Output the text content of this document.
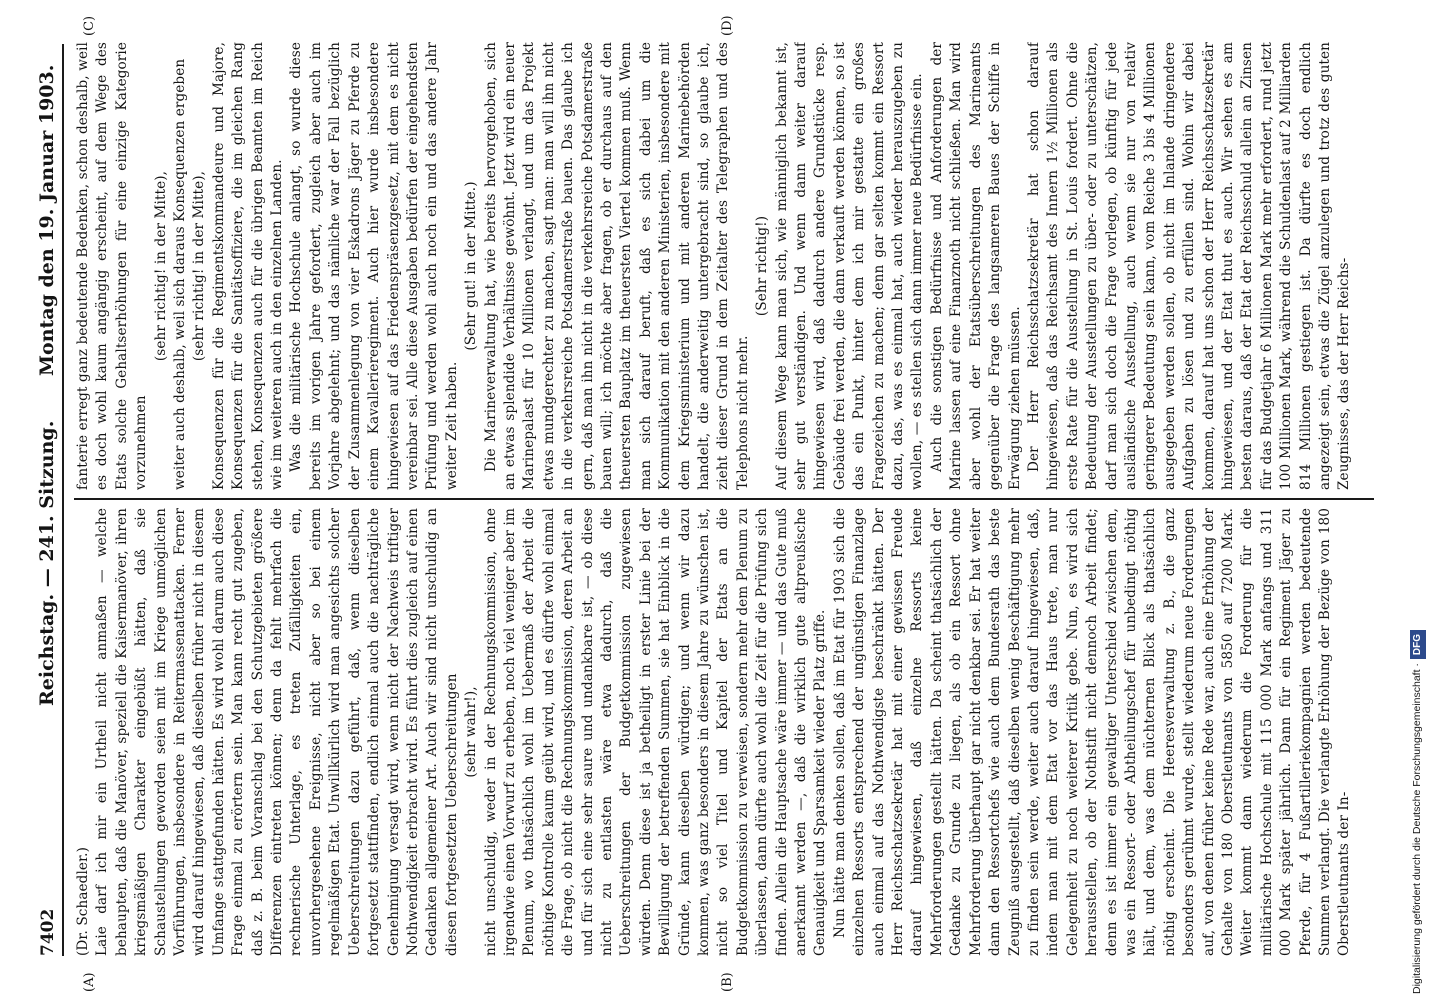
7402
Reichstag. — 241. Sitzung.
Montag den 19. Januar 1903.
(A)	(B)
(C)	(D)

(Dr. Schaedler.) Laie darf ich mir ein Urtheil nicht anmaßen — welche behaupten, daß die Manöver, speziell die Kaisermanöver, ihren kriegsmäßigen Charakter eingebüßt hätten, daß sie Schaustellungen geworden seien mit im Kriege unmöglichen Vorführungen, insbesondere in Reitermassenattacken. Ferner wird darauf hingewiesen, daß dieselben früher nicht in diesem Umfange stattgefunden hätten. Es wird wohl darum auch diese Frage einmal zu erörtern sein. Man kann recht gut zugeben, daß z. B. beim Voranschlag bei den Schutzgebieten größere Differenzen eintreten können; denn da fehlt mehrfach die rechnerische Unterlage, es treten Zufälligkeiten ein, unvorhergesehene Ereignisse, nicht aber so bei einem regelmäßigen Etat. Unwillkürlich wird man angesichts solcher Ueberschreitungen dazu geführt, daß, wenn dieselben fortgesetzt stattfinden, endlich einmal auch die nachträgliche Genehmigung versagt wird, wenn nicht der Nachweis triftiger Nothwendigkeit erbracht wird. Es führt dies zugleich auf einen Gedanken allgemeiner Art. Auch wir sind nicht unschuldig an diesen fortgesetzten Ueberschreitungen (sehr wahr!), nicht unschuldig, weder in der Rechnungskommission, ohne irgendwie einen Vorwurf zu erheben, noch viel weniger aber im Plenum, wo thatsächlich wohl im Uebermaß der Arbeit die nöthige Kontrolle kaum geübt wird, und es dürfte wohl einmal die Frage, ob nicht die Rechnungskommission, deren Arbeit an und für sich eine sehr saure und undankbare ist, — ob diese nicht zu entlasten wäre etwa dadurch, daß die Ueberschreitungen der Budgetkommission zugewiesen würden. Denn diese ist ja betheiligt in erster Linie bei der Bewilligung der betreffenden Summen, sie hat Einblick in die Gründe, kann dieselben würdigen; und wenn wir dazu kommen, was ganz besonders in diesem Jahre zu wünschen ist, nicht so viel Titel und Kapitel der Etats an die Budgetkommission zu verweisen, sondern mehr dem Plenum zu überlassen, dann dürfte auch wohl die Zeit für die Prüfung sich finden. Allein die Hauptsache wäre immer — und das Gute muß anerkannt werden —, daß die wirklich gute altpreußische Genauigkeit und Sparsamkeit wieder Platz griffe. Nun hätte man denken sollen, daß im Etat für 1903 sich die einzelnen Ressorts entsprechend der ungünstigen Finanzlage auch einmal auf das Nothwendigste beschränkt hätten. Der Herr Reichsschatzsekretär hat mit einer gewissen Freude darauf hingewiesen, daß einzelne Ressorts keine Mehrforderungen gestellt hätten. Da scheint thatsächlich der Gedanke zu Grunde zu liegen, als ob ein Ressort ohne Mehrforderung überhaupt gar nicht denkbar sei. Er hat weiter dann den Ressortchefs wie auch dem Bundesrath das beste Zeugniß ausgestellt, daß dieselben wenig Beschäftigung mehr zu finden sein werde, weiter auch darauf hingewiesen, daß, indem man mit dem Etat vor das Haus trete, man nur Gelegenheit zu noch weiterer Kritik gebe. Nun, es wird sich herausstellen, ob der Nothstift nicht dennoch Arbeit findet; denn es ist immer ein gewaltiger Unterschied zwischen dem, was ein Ressort- oder Abtheilungschef für unbedingt nöthig hält, und dem, was dem nüchternen Blick als thatsächlich nöthig erscheint. Die Heeresverwaltung z. B., die ganz besonders gerühmt wurde, stellt wiederum neue Forderungen auf, von denen früher keine Rede war, auch eine Erhöhung der Gehalte von 180 Oberstleutnants von 5850 auf 7200 Mark. Weiter kommt dann wiederum die Forderung für die militärische Hochschule mit 115 000 Mark anfangs und 311 000 Mark später jährlich. Dann für ein Regiment Jäger zu Pferde, für 4 Fußartilleriekompagnien werden bedeutende Summen verlangt. Die verlangte Erhöhung der Bezüge von 180 Oberstleutnants der In-

fanterie erregt ganz bedeutende Bedenken, schon deshalb, weil es doch wohl kaum angängig erscheint, auf dem Wege des Etats solche Gehaltserhöhungen für eine einzige Kategorie vorzunehmen

(sehr richtig! in der Mitte), weiter auch deshalb, weil sich daraus Konsequenzen ergeben (sehr richtig! in der Mitte), Konsequenzen für die Regimentskommandeure und Majore, Konsequenzen für die Sanitätsoffiziere, die im gleichen Rang stehen, Konsequenzen auch für die übrigen Beamten im Reich wie im weiteren auch in den einzelnen Landen. Was die militärische Hochschule anlangt, so wurde diese bereits im vorigen Jahre gefordert, zugleich aber auch im Vorjahre abgelehnt; und das nämliche war der Fall bezüglich der Zusammenlegung von vier Eskadrons Jäger zu Pferde zu einem Kavallerieregiment. Auch hier wurde insbesondere hingewiesen auf das Friedenspräsenzgesetz, mit dem es nicht vereinbar sei. Alle diese Ausgaben bedürfen der eingehendsten Prüfung und werden wohl auch noch ein und das andere Jahr weiter Zeit haben.

(Sehr gut! in der Mitte.) Die Marineverwaltung hat, wie bereits hervorgehoben, sich an etwas splendide Verhältnisse gewöhnt. Jetzt wird ein neuer Marinepalast für 10 Millionen verlangt, und um das Projekt etwas mundgerechter zu machen, sagt man: man will ihn nicht in die verkehrsreiche Potsdamerstraße bauen. Das glaube ich gern, daß man ihn nicht in die verkehrsreiche Potsdamerstraße bauen will; ich möchte aber fragen, ob er durchaus auf den theuersten Bauplatz im theuersten Viertel kommen muß. Wenn man sich darauf beruft, daß es sich dabei um die Kommunikation mit den anderen Ministerien, insbesondere mit dem Kriegsministerium und mit anderen Marinebehörden handelt, die anderweitig untergebracht sind, so glaube ich, zieht dieser Grund in dem Zeitalter des Telegraphen und des Telephons nicht mehr.

(Sehr richtig!) Auf diesem Wege kann man sich, wie männiglich bekannt ist, sehr gut verständigen. Und wenn dann weiter darauf hingewiesen wird, daß dadurch andere Grundstücke resp. Gebäude frei werden, die dann verkauft werden können, so ist das ein Punkt, hinter dem ich mir gestatte ein großes Fragezeichen zu machen; denn gar selten kommt ein Ressort dazu, das, was es einmal hat, auch wieder herauszugeben zu wollen, — es stellen sich dann immer neue Bedürfnisse ein. Auch die sonstigen Bedürfnisse und Anforderungen der Marine lassen auf eine Finanznoth nicht schließen. Man wird aber wohl der Etatsüberschreitungen des Marineamts gegenüber die Frage des langsameren Baues der Schiffe in Erwägung ziehen müssen. Der Herr Reichsschatzsekretär hat schon darauf hingewiesen, daß das Reichsamt des Innern 1½ Millionen als erste Rate für die Ausstellung in St. Louis fordert. Ohne die Bedeutung der Ausstellungen zu über- oder zu unterschätzen, darf man sich doch die Frage vorlegen, ob künftig für jede ausländische Ausstellung, auch wenn sie nur von relativ geringerer Bedeutung sein kann, vom Reiche 3 bis 4 Millionen ausgegeben werden sollen, ob nicht im Inlande dringendere Aufgaben zu lösen und zu erfüllen sind. Wohin wir dabei kommen, darauf hat uns schon der Herr Reichsschatzsekretär hingewiesen, und der Etat thut es auch. Wir sehen es am besten daraus, daß der Etat der Reichsschuld allein an Zinsen für das Budgetjahr 6 Millionen Mark mehr erfordert, rund jetzt 100 Millionen Mark, während die Schuldenlast auf 2 Milliarden 814 Millionen gestiegen ist. Da dürfte es doch endlich angezeigt sein, etwas die Zügel anzulegen und trotz des guten Zeugnisses, das der Herr Reichs-

Digitalisierung gefördert durch die Deutsche Forschungsgemeinschaft ·DFG
